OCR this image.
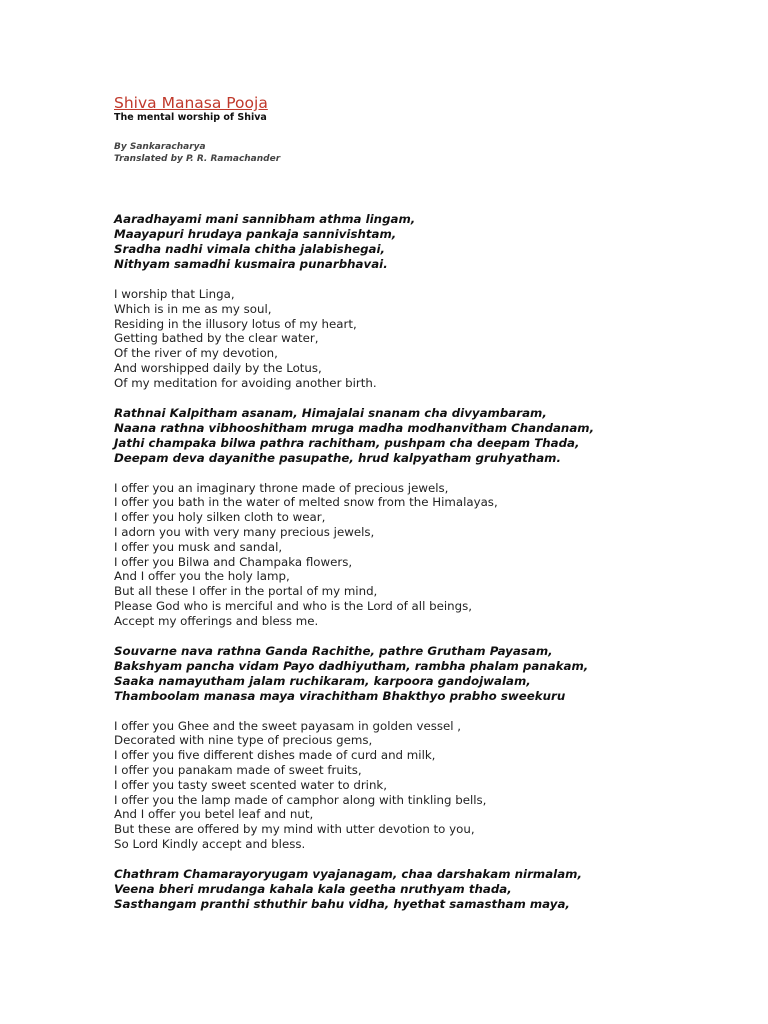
Shiva Manasa Pooja
The mental worship of Shiva
By Sankaracharya
Translated by P. R. Ramachander

Aaradhayami mani sannibham athma lingam,

Maayapuri hrudaya pankaja sannivishtam,

Sradha nadhi vimala chitha jalabishegai,

Nithyam samadhi kusmaira punarbhavai.

I worship that Linga,

Which is in me as my soul,

Residing in the illusory lotus of my heart,

Getting bathed by the clear water,

Of the river of my devotion,

And worshipped daily by the Lotus,

Of my meditation for avoiding another birth.

Rathnai Kalpitham asanam, Himajalai snanam cha divyambaram,

Naana rathna vibhooshitham mruga madha modhanvitham Chandanam,

Jathi champaka bilwa pathra rachitham, pushpam cha deepam Thada,

Deepam deva dayanithe pasupathe, hrud kalpyatham gruhyatham.

I offer you an imaginary throne made of precious jewels,

I offer you bath in the water of melted snow from the Himalayas,

I offer you holy silken cloth to wear,

I adorn you with very many precious jewels,

I offer you musk and sandal,

I offer you Bilwa and Champaka flowers,

And I offer you the holy lamp,

But all these I offer in the portal of my mind,

Please God who is merciful and who is the Lord of all beings,

Accept my offerings and bless me.

Souvarne nava rathna Ganda Rachithe, pathre Grutham Payasam,

Bakshyam pancha vidam Payo dadhiyutham, rambha phalam panakam,

Saaka namayutham jalam ruchikaram, karpoora gandojwalam,

Thamboolam manasa maya virachitham Bhakthyo prabho sweekuru

I offer you Ghee and the sweet payasam in golden vessel ,

Decorated with nine type of precious gems,

I offer you five different dishes made of curd and milk,

I offer you panakam made of sweet fruits,

I offer you tasty sweet scented water to drink,

I offer you the lamp made of camphor along with tinkling bells,

And I offer you betel leaf and nut,

But these are offered by my mind with utter devotion to you,

So Lord Kindly accept and bless.

Chathram Chamarayoryugam vyajanagam, chaa darshakam nirmalam,

Veena bheri mrudanga kahala kala geetha nruthyam thada,

Sasthangam pranthi sthuthir bahu vidha, hyethat samastham maya,
